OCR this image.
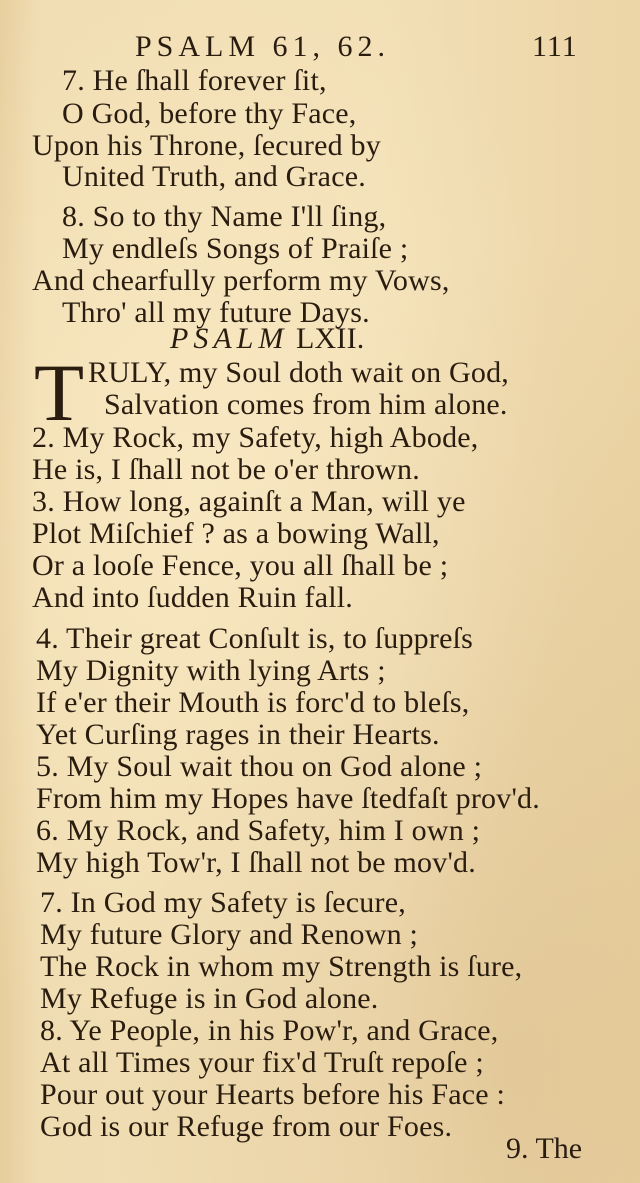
PSALM 61, 62.	111
7. He ſhall forever ſit,
O God, before thy Face,
Upon his Throne, ſecured by
United Truth, and Grace.
8. So to thy Name I'll ſing,
My endleſs Songs of Praiſe ;
And chearfully perform my Vows,
Thro' all my future Days.
PSALM LXII.
T RULY, my Soul doth wait on God,
Salvation comes from him alone.
2. My Rock, my Safety, high Abode,
He is, I ſhall not be o'er thrown.
3. How long, againſt a Man, will ye
Plot Miſchief ? as a bowing Wall,
Or a looſe Fence, you all ſhall be ;
And into ſudden Ruin fall.
4. Their great Conſult is, to ſuppreſs
My Dignity with lying Arts ;
If e'er their Mouth is forc'd to bleſs,
Yet Curſing rages in their Hearts.
5. My Soul wait thou on God alone ;
From him my Hopes have ſtedfaſt prov'd.
6. My Rock, and Safety, him I own ;
My high Tow'r, I ſhall not be mov'd.
7. In God my Safety is ſecure,
My future Glory and Renown ;
The Rock in whom my Strength is ſure,
My Refuge is in God alone.
8. Ye People, in his Pow'r, and Grace,
At all Times your fix'd Truſt repoſe ;
Pour out your Hearts before his Face :
God is our Refuge from our Foes.
9. The
